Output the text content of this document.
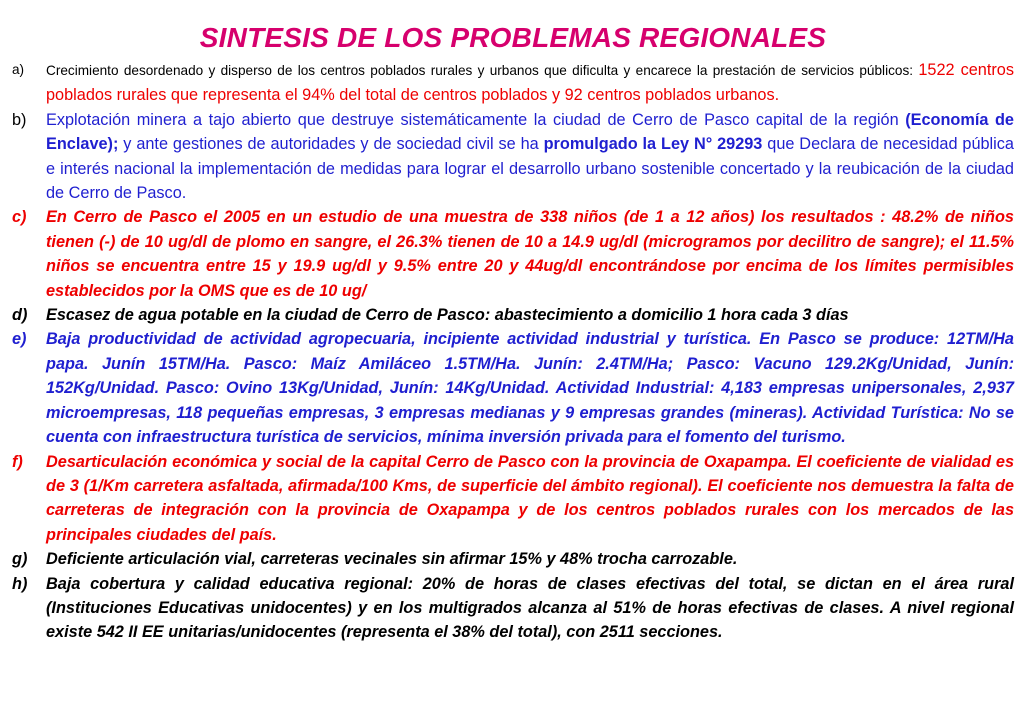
SINTESIS DE LOS PROBLEMAS REGIONALES
a) Crecimiento desordenado y disperso de los centros poblados rurales y urbanos que dificulta y encarece la prestación de servicios públicos: 1522 centros poblados rurales que representa el 94% del total de centros poblados y 92 centros poblados urbanos.
b) Explotación minera a tajo abierto que destruye sistemáticamente la ciudad de Cerro de Pasco capital de la región (Economía de Enclave); y ante gestiones de autoridades y de sociedad civil se ha promulgado la Ley N° 29293 que Declara de necesidad pública e interés nacional la implementación de medidas para lograr el desarrollo urbano sostenible concertado y la reubicación de la ciudad de Cerro de Pasco.
c) En Cerro de Pasco el 2005 en un estudio de una muestra de 338 niños (de 1 a 12 años) los resultados : 48.2% de niños tienen (-) de 10 ug/dl de plomo en sangre, el 26.3% tienen de 10 a 14.9 ug/dl (microgramos por decilitro de sangre); el 11.5% niños se encuentra entre 15 y 19.9 ug/dl y 9.5% entre 20 y 44ug/dl encontrándose por encima de los límites permisibles establecidos por la OMS que es de 10 ug/
d) Escasez de agua potable en la ciudad de Cerro de Pasco: abastecimiento a domicilio 1 hora cada 3 días
e) Baja productividad de actividad agropecuaria, incipiente actividad industrial y turística. En Pasco se produce: 12TM/Ha papa. Junín 15TM/Ha. Pasco: Maíz Amiláceo 1.5TM/Ha. Junín: 2.4TM/Ha; Pasco: Vacuno 129.2Kg/Unidad, Junín: 152Kg/Unidad. Pasco: Ovino 13Kg/Unidad, Junín: 14Kg/Unidad. Actividad Industrial: 4,183 empresas unipersonales, 2,937 microempresas, 118 pequeñas empresas, 3 empresas medianas y 9 empresas grandes (mineras). Actividad Turística: No se cuenta con infraestructura turística de servicios, mínima inversión privada para el fomento del turismo.
f) Desarticulación económica y social de la capital Cerro de Pasco con la provincia de Oxapampa. El coeficiente de vialidad es de 3 (1/Km carretera asfaltada, afirmada/100 Kms, de superficie del ámbito regional). El coeficiente nos demuestra la falta de carreteras de integración con la provincia de Oxapampa y de los centros poblados rurales con los mercados de las principales ciudades del país.
g) Deficiente articulación vial, carreteras vecinales sin afirmar 15% y 48% trocha carrozable.
h) Baja cobertura y calidad educativa regional: 20% de horas de clases efectivas del total, se dictan en el área rural (Instituciones Educativas unidocentes) y en los multigrados alcanza al 51% de horas efectivas de clases. A nivel regional existe 542 II EE unitarias/unidocentes (representa el 38% del total), con 2511 secciones.
